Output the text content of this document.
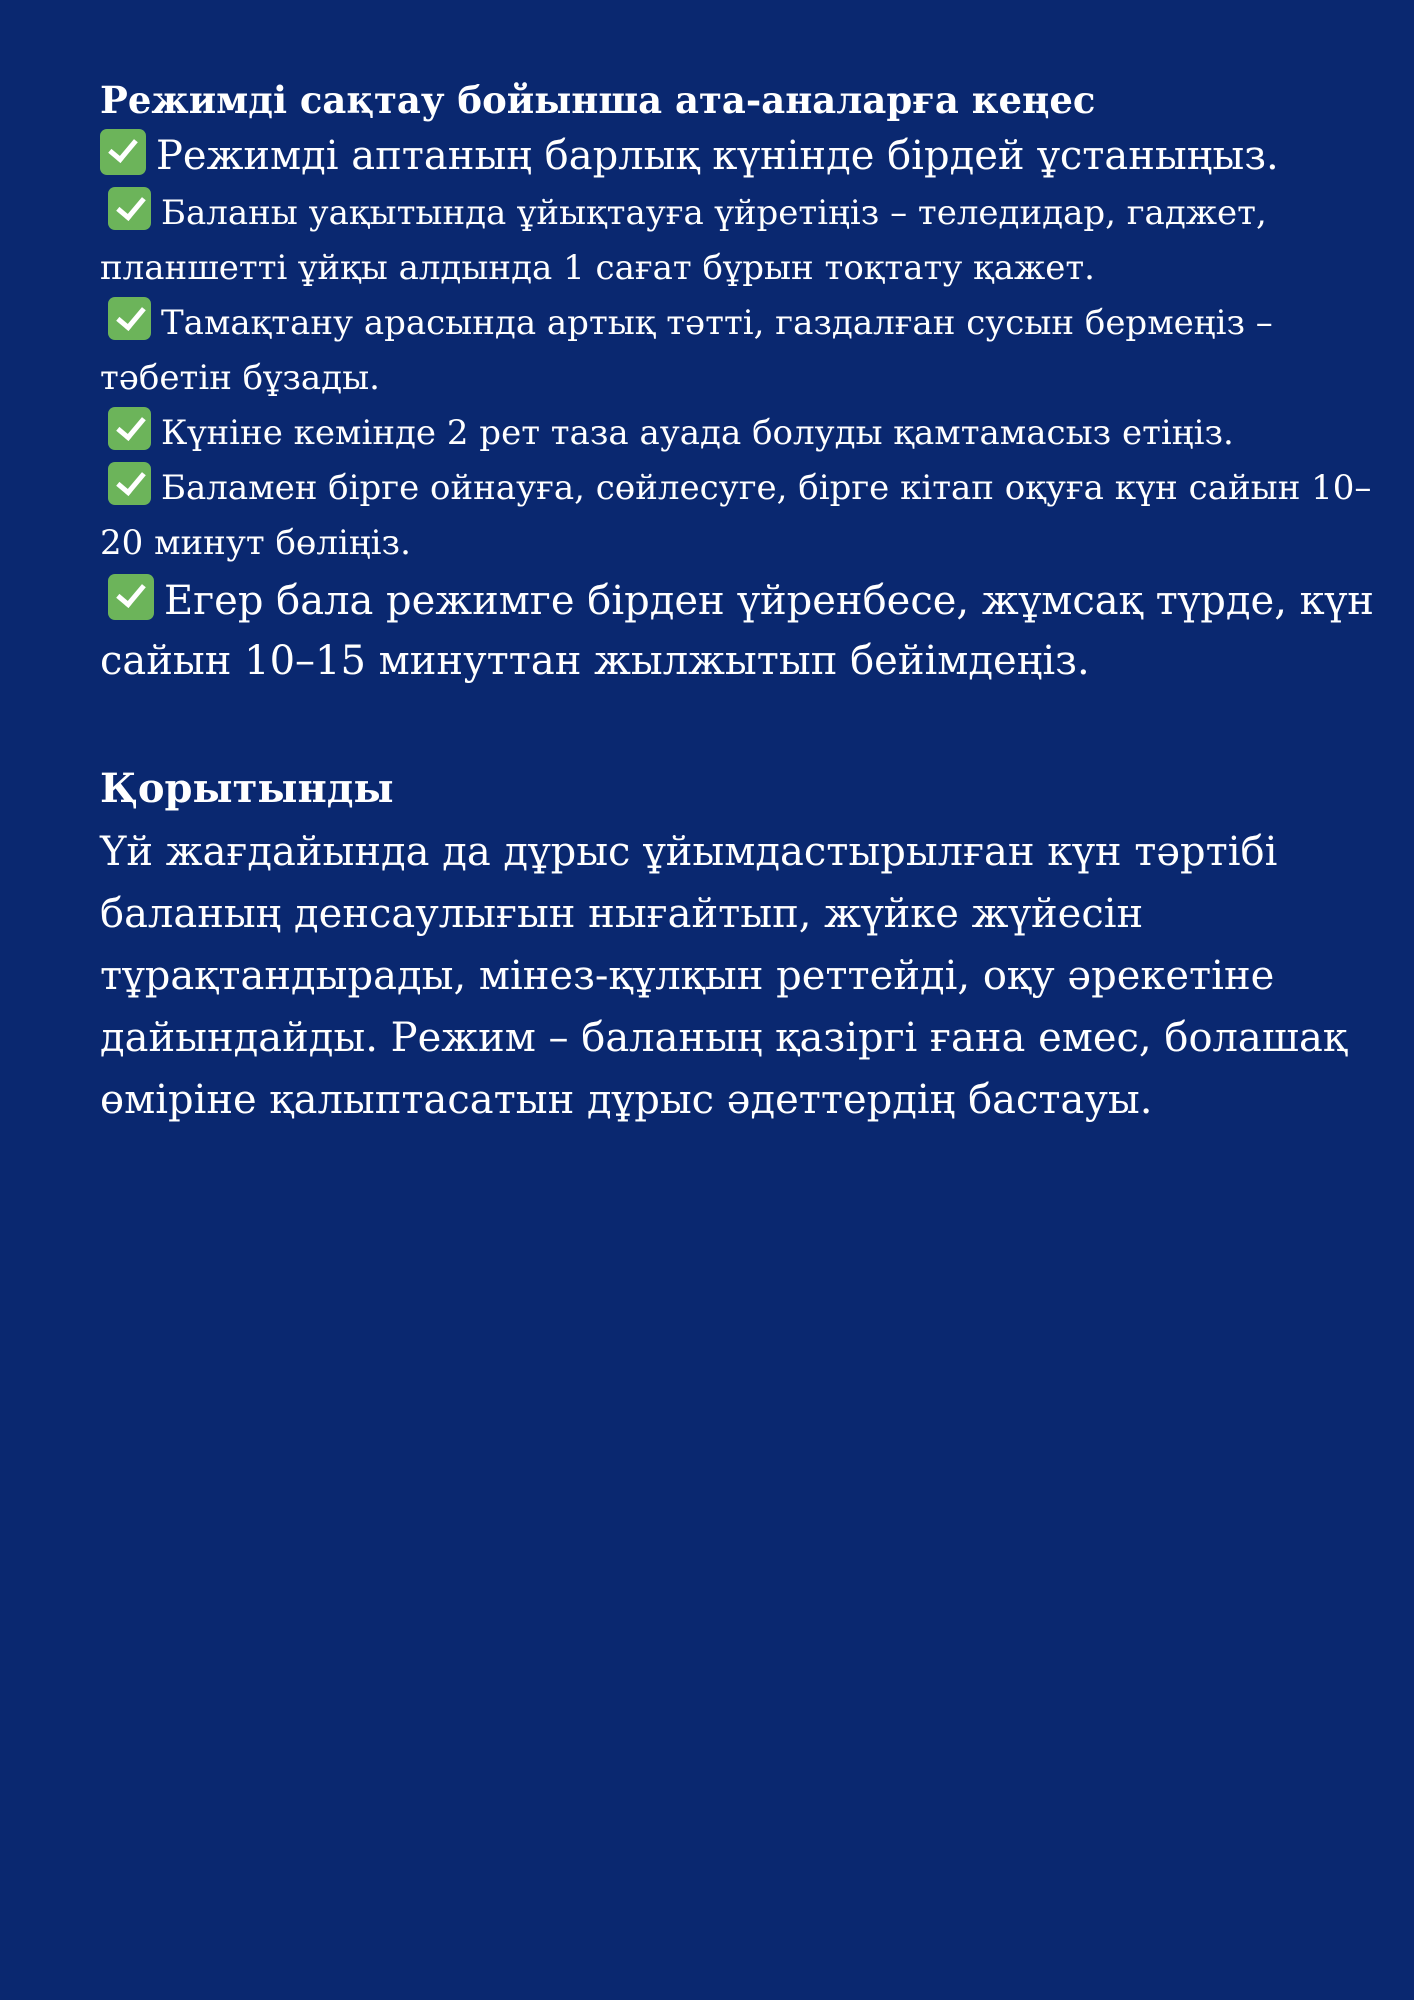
Режимді сақтау бойынша ата-аналарға кеңес
Режимді аптаның барлық күнінде бірдей ұстаныңыз.
Баланы уақытында ұйықтауға үйретіңіз – теледидар, гаджет, планшетті ұйқы алдында 1 сағат бұрын тоқтату қажет.
Тамақтану арасында артық тәтті, газдалған сусын бермеңіз – тәбетін бұзады.
Күніне кемінде 2 рет таза ауада болуды қамтамасыз етіңіз.
Баламен бірге ойнауға, сөйлесуге, бірге кітап оқуға күн сайын 10–20 минут бөліңіз.
Егер бала режимге бірден үйренбесе, жұмсақ түрде, күн сайын 10–15 минуттан жылжытып бейімдеңіз.
Қорытынды

Үй жағдайында да дұрыс ұйымдастырылған күн тәртібі баланың денсаулығын нығайтып, жүйке жүйесін тұрақтандырады, мінез-құлқын реттейді, оқу әрекетіне дайындайды. Режим – баланың қазіргі ғана емес, болашақ өміріне қалыптасатын дұрыс әдеттердің бастауы.
